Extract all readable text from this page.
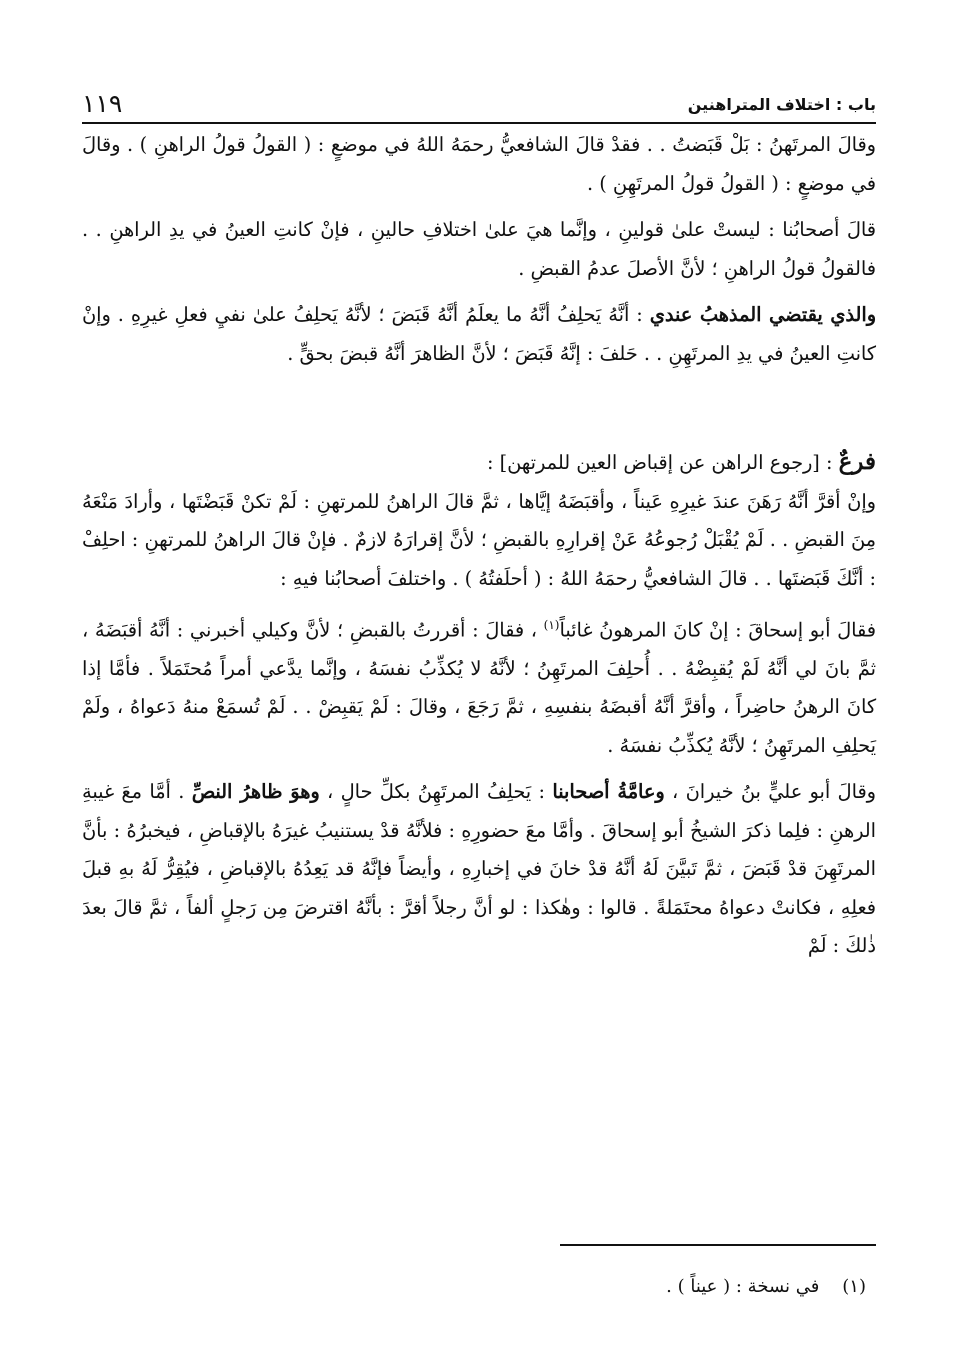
باب : اختلاف المتراهنين
١١٩

وقالَ المرتَهنُ : بَلْ قَبَضتُ . . فقدْ قالَ الشافعيُّ رحمَهُ اللهُ في موضعٍ : ( القولُ قولُ الراهنِ ) . وقالَ في موضعٍ : ( القولُ قولُ المرتَهِنِ ) .

قالَ أصحابُنا : ليستْ علىٰ قولينِ ، وإنَّما هيَ علىٰ اختلافِ حالينِ ، فإنْ كانتِ العينُ في يدِ الراهنِ . . فالقولُ قولُ الراهنِ ؛ لأنَّ الأصلَ عدمُ القبضِ .

والذي يقتضي المذهبُ عندي : أنَّهُ يَحلِفُ أنَّهُ ما يعلَمُ أنَّهُ قَبَضَ ؛ لأنَّهُ يَحلِفُ علىٰ نفيِ فعلِ غيرِهِ . وإنْ كانتِ العينُ في يدِ المرتَهِنِ . . حَلفَ : إنَّهُ قَبَضَ ؛ لأنَّ الظاهرَ أنَّهُ قبضَ بحقٍّ .

فرعٌ : [رجوع الراهن عن إقباض العين للمرتهن] :

وإنْ أقرَّ أنَّهُ رَهَنَ عندَ غيرِهِ عَيناً ، وأقبَضَهُ إيَّاها ، ثمَّ قالَ الراهنُ للمرتهنِ : لَمْ تكنْ قَبَضْتَها ، وأرادَ مَنْعَهُ مِنَ القبضِ . . لَمْ يُقْبَلْ رُجوعُهُ عَنْ إقرارِهِ بالقبضِ ؛ لأنَّ إقرارَهُ لازمٌ . فإنْ قالَ الراهنُ للمرتهنِ : احلِفْ : أنَّكَ قَبَضتَها . . قالَ الشافعيُّ رحمَهُ اللهُ : ( أحلَفتُهُ ) . واختلفَ أصحابُنا فيهِ :

فقالَ أبو إسحاقَ : إنْ كانَ المرهونُ غائباً$^{(١)}$ ، فقالَ : أقررتُ بالقبضِ ؛ لأنَّ وكيلي أخبرني : أنَّهُ أقبَضَهُ ، ثمَّ بانَ لي أنَّهُ لَمْ يُقبِضْهُ . . أُحلِفَ المرتَهِنُ ؛ لأنَّهُ لا يُكذِّبُ نفسَهُ ، وإنَّما يدَّعي أمراً مُحتَمَلاً . فأمَّا إذا كانَ الرهنُ حاضِراً ، وأقرَّ أنَّهُ أقبضَهُ بنفسِهِ ، ثمَّ رَجَعَ ، وقالَ : لَمْ يَقبِضْ . . لَمْ تُسمَعْ منهُ دَعواهُ ، ولَمْ يَحلِفِ المرتَهِنُ ؛ لأنَّهُ يُكذِّبُ نفسَهُ .

وقالَ أبو عليٍّ بنُ خيرانَ ، وعامَّةُ أصحابنا : يَحلِفُ المرتَهِنُ بكلِّ حالٍ ، وهوَ ظاهرُ النصِّ . أمَّا معَ غيبةِ الرهنِ : فلِما ذكرَ الشيخُ أبو إسحاقَ . وأمَّا معَ حضورِهِ : فلأنَّهُ قدْ يستنيبُ غيرَهُ بالإقباضِ ، فيخبرُهُ : بأنَّ المرتَهِنَ قدْ قَبَضَ ، ثمَّ تَبيَّنَ لَهُ أنَّهُ قدْ خانَ في إخبارِهِ ، وأيضاً فإنَّهُ قد يَعِدُهُ بالإقباضِ ، فيُقِرُّ لَهُ بهِ قبلَ فعلِهِ ، فكانتْ دعواهُ محتَمَلةً . قالوا : وهٰكذا : لو أنَّ رجلاً أقرَّ : بأنَّهُ اقترضَ مِن رَجلٍ ألفاً ، ثمَّ قالَ بعدَ ذٰلكَ : لَمْ

(١)    في نسخة : ( عيناً ) .
